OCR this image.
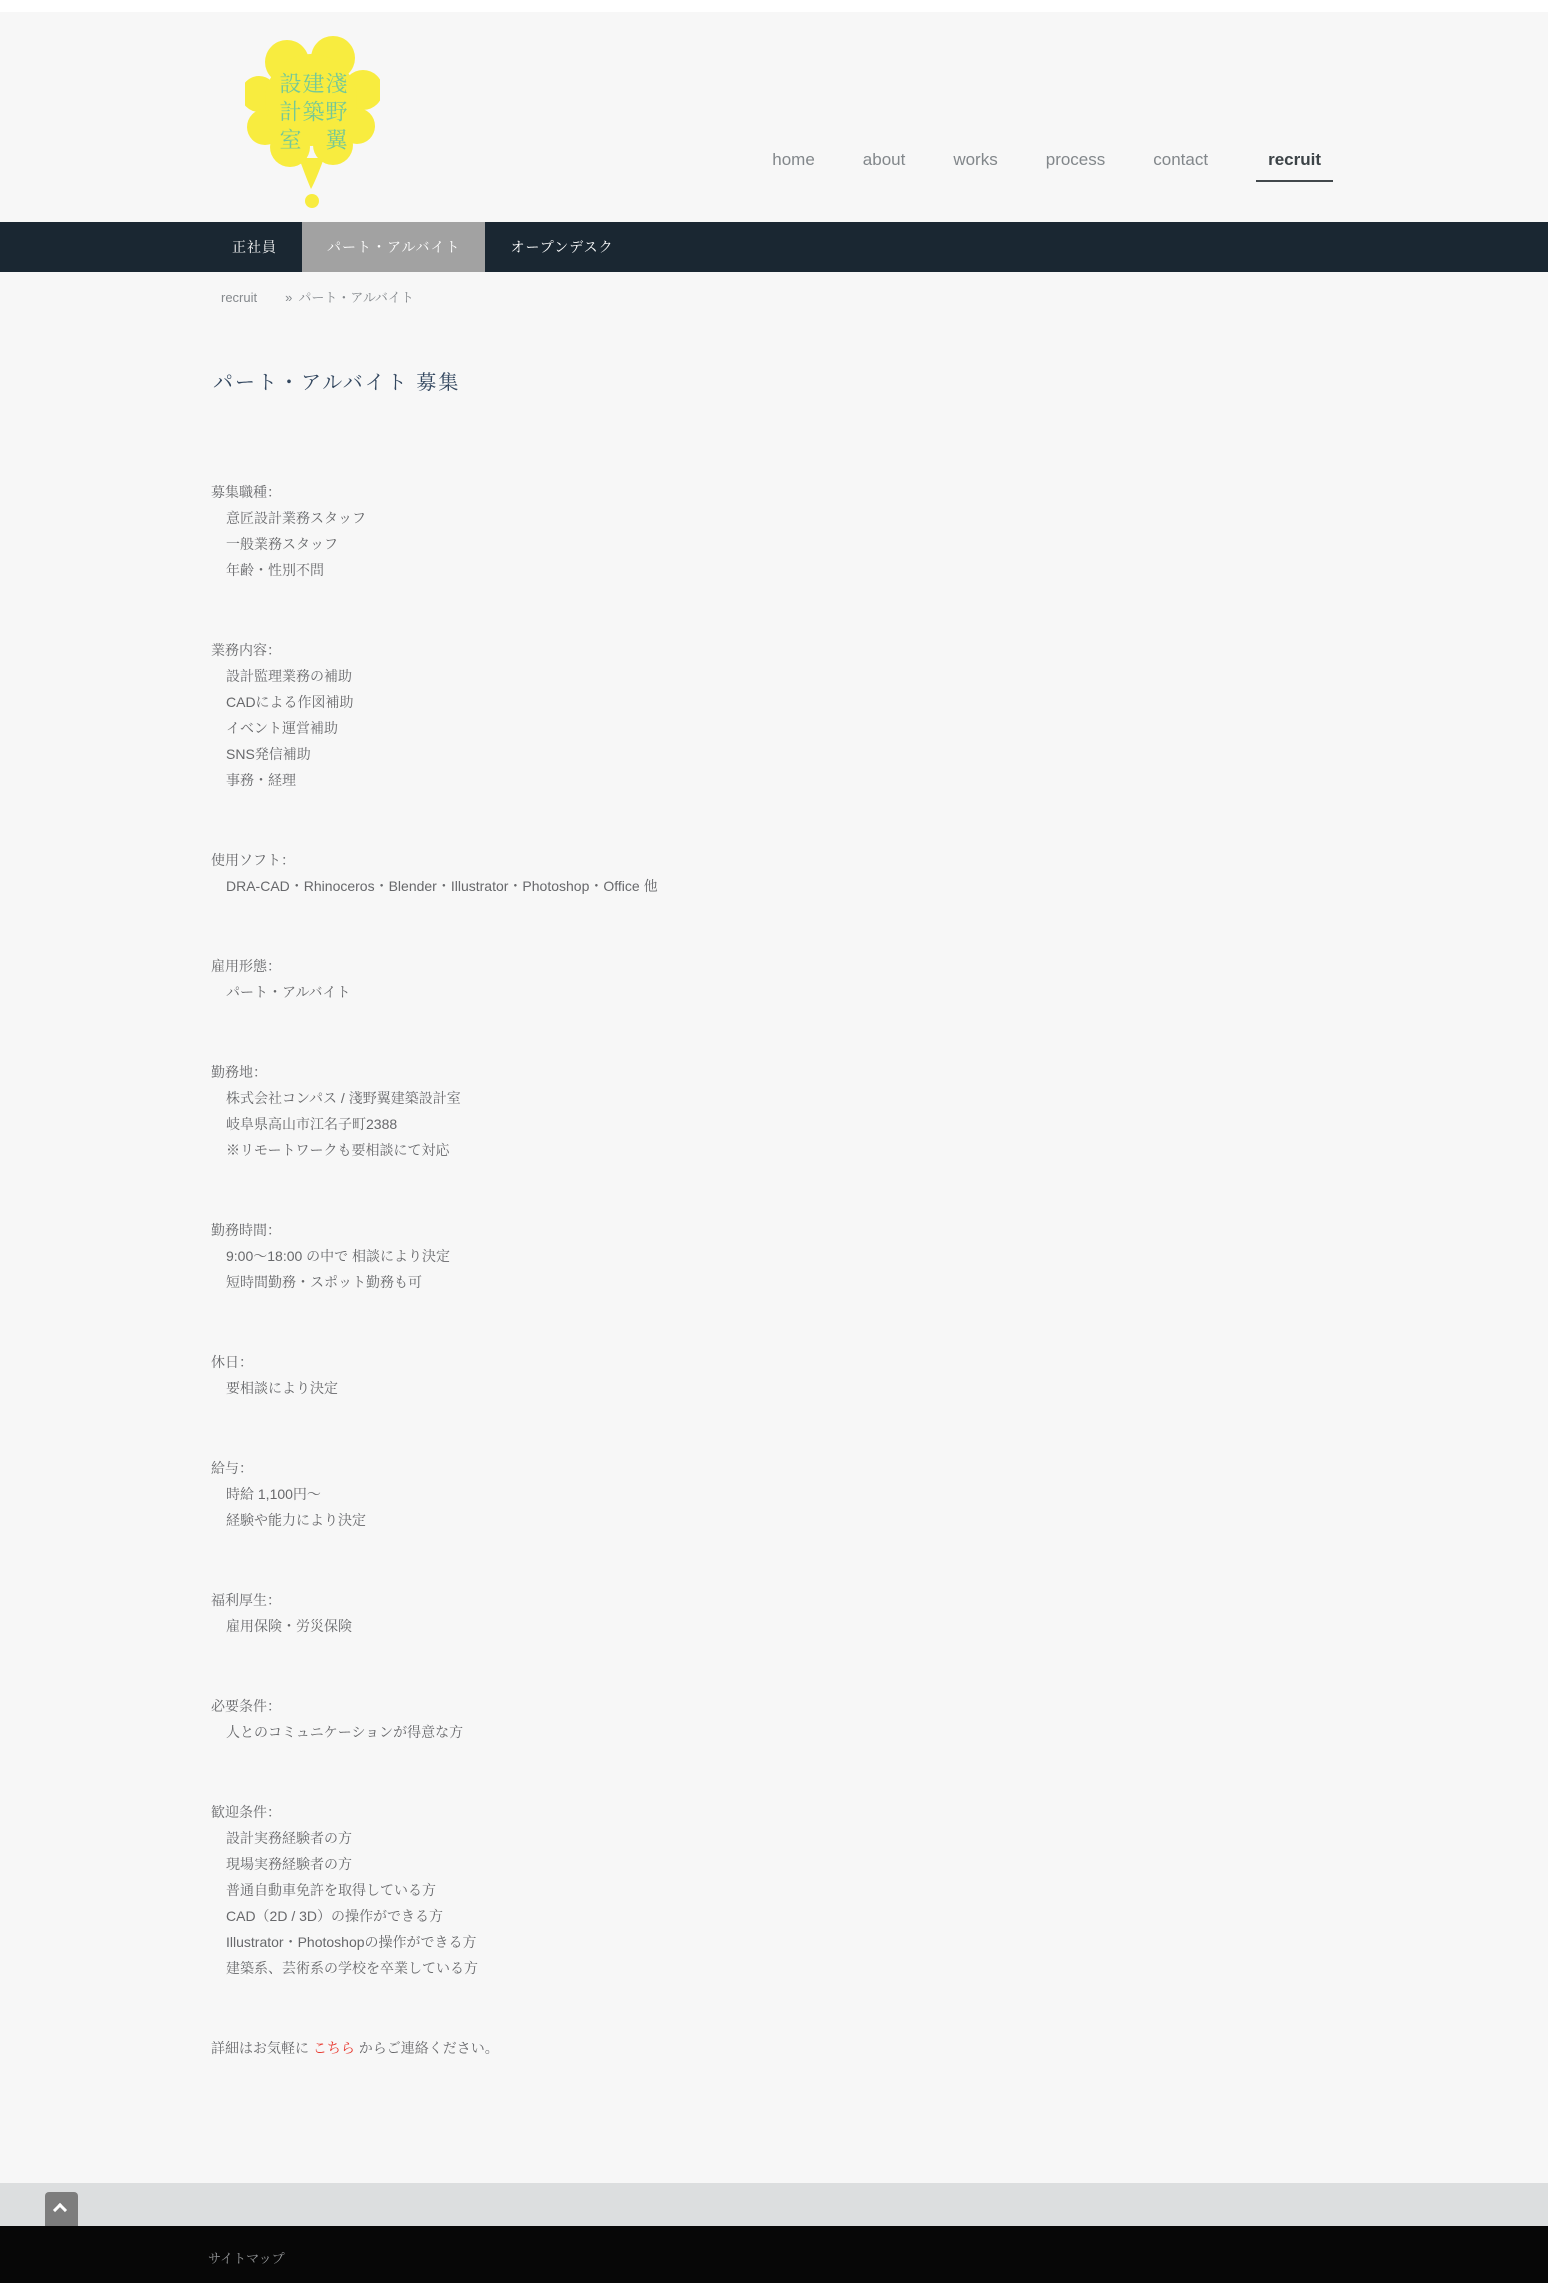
淺野翼
建築
設計室
home	about	works	process	contact	recruit
正社員	パート・アルバイト	オープンデスク
recruit » パート・アルバイト
パート・アルバイト 募集
募集職種：
意匠設計業務スタッフ
一般業務スタッフ
年齢・性別不問
業務内容：
設計監理業務の補助
CADによる作図補助
イベント運営補助
SNS発信補助
事務・経理
使用ソフト：
DRA-CAD・Rhinoceros・Blender・Illustrator・Photoshop・Office 他
雇用形態：
パート・アルバイト
勤務地：
株式会社コンパス / 淺野翼建築設計室
岐阜県高山市江名子町2388
※リモートワークも要相談にて対応
勤務時間：
9:00〜18:00 の中で 相談により決定
短時間勤務・スポット勤務も可
休日：
要相談により決定
給与：
時給 1,100円〜
経験や能力により決定
福利厚生：
雇用保険・労災保険
必要条件：
人とのコミュニケーションが得意な方
歓迎条件：
設計実務経験者の方
現場実務経験者の方
普通自動車免許を取得している方
CAD（2D / 3D）の操作ができる方
Illustrator・Photoshopの操作ができる方
建築系、芸術系の学校を卒業している方

詳細はお気軽に こちら からご連絡ください。

サイトマップ
